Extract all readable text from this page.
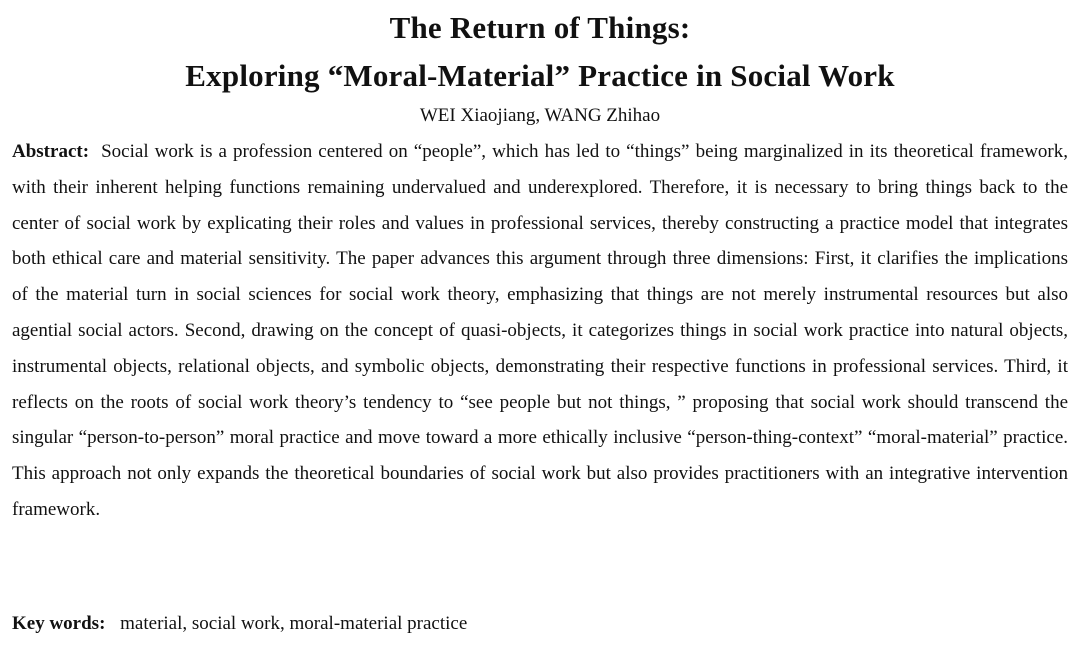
The Return of Things:
Exploring “Moral-Material” Practice in Social Work

WEI Xiaojiang, WANG Zhihao

Abstract: Social work is a profession centered on “people”, which has led to “things” being marginalized in its theoretical framework, with their inherent helping functions remaining undervalued and underexplored. Therefore, it is necessary to bring things back to the center of social work by explicating their roles and values in professional services, thereby constructing a practice model that integrates both ethical care and material sensitivity. The paper advances this argument through three dimensions: First, it clarifies the implications of the material turn in social sciences for social work theory, emphasizing that things are not merely instrumental resources but also agential social actors. Second, drawing on the concept of quasi-objects, it categorizes things in social work practice into natural objects, instrumental objects, relational objects, and symbolic objects, demonstrating their respective functions in professional services. Third, it reflects on the roots of social work theory’s tendency to “see people but not things, ” proposing that social work should transcend the singular “person-to-person” moral practice and move toward a more ethically inclusive “person-thing-context” “moral-material” practice. This approach not only expands the theoretical boundaries of social work but also provides practitioners with an integrative intervention framework.

Key words: material, social work, moral-material practice
